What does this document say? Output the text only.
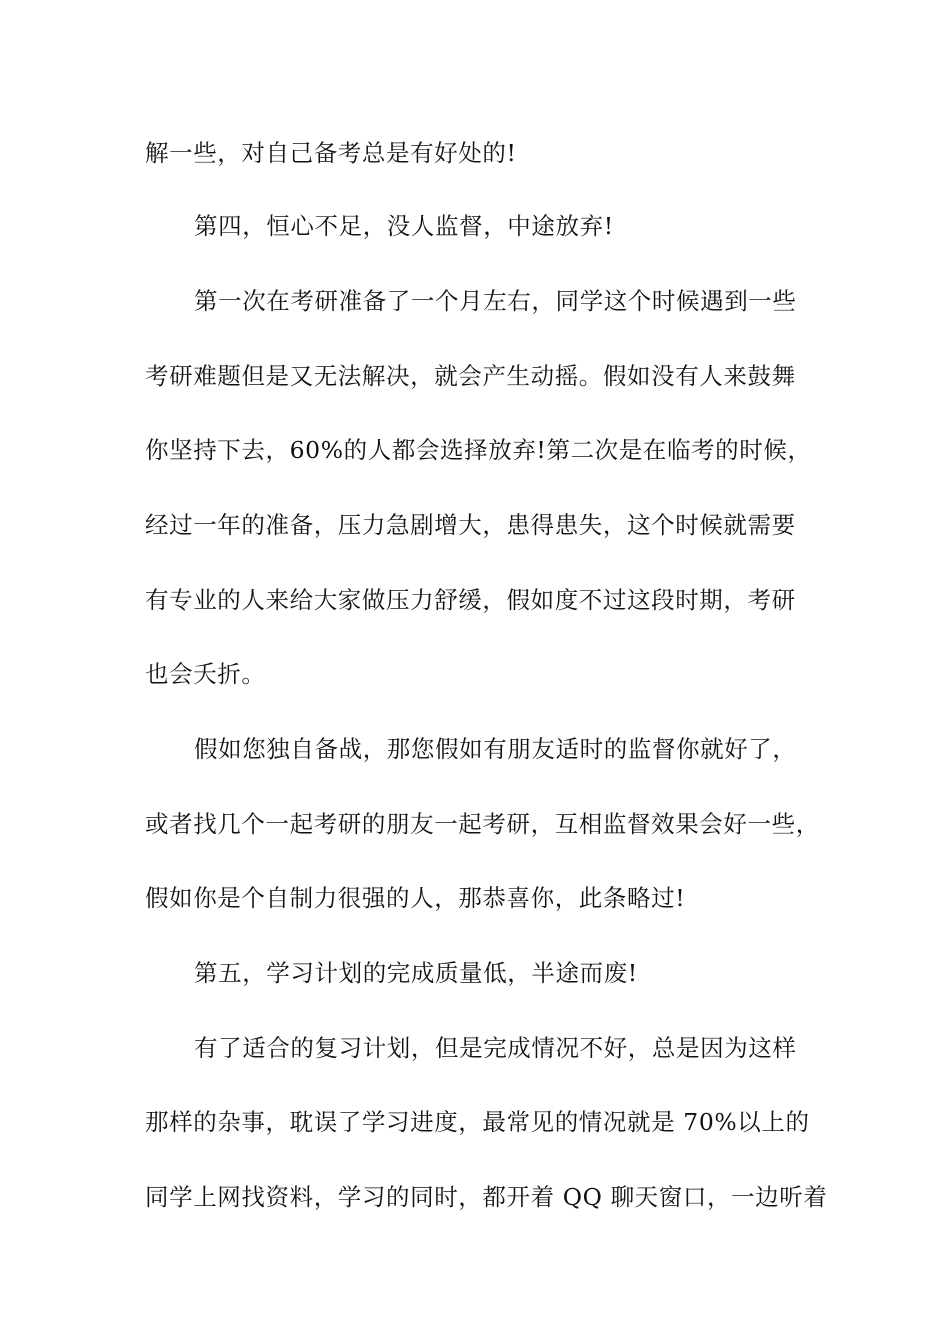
解一些，对自己备考总是有好处的!
第四，恒心不足，没人监督，中途放弃!
第一次在考研准备了一个月左右，同学这个时候遇到一些
考研难题但是又无法解决，就会产生动摇。假如没有人来鼓舞
你坚持下去，60%的人都会选择放弃!第二次是在临考的时候，
经过一年的准备，压力急剧增大，患得患失，这个时候就需要
有专业的人来给大家做压力舒缓，假如度不过这段时期，考研
也会夭折。
假如您独自备战，那您假如有朋友适时的监督你就好了，
或者找几个一起考研的朋友一起考研，互相监督效果会好一些，
假如你是个自制力很强的人，那恭喜你，此条略过!
第五，学习计划的完成质量低，半途而废!
有了适合的复习计划，但是完成情况不好，总是因为这样
那样的杂事，耽误了学习进度，最常见的情况就是 70%以上的
同学上网找资料，学习的同时，都开着 QQ 聊天窗口，一边听着
